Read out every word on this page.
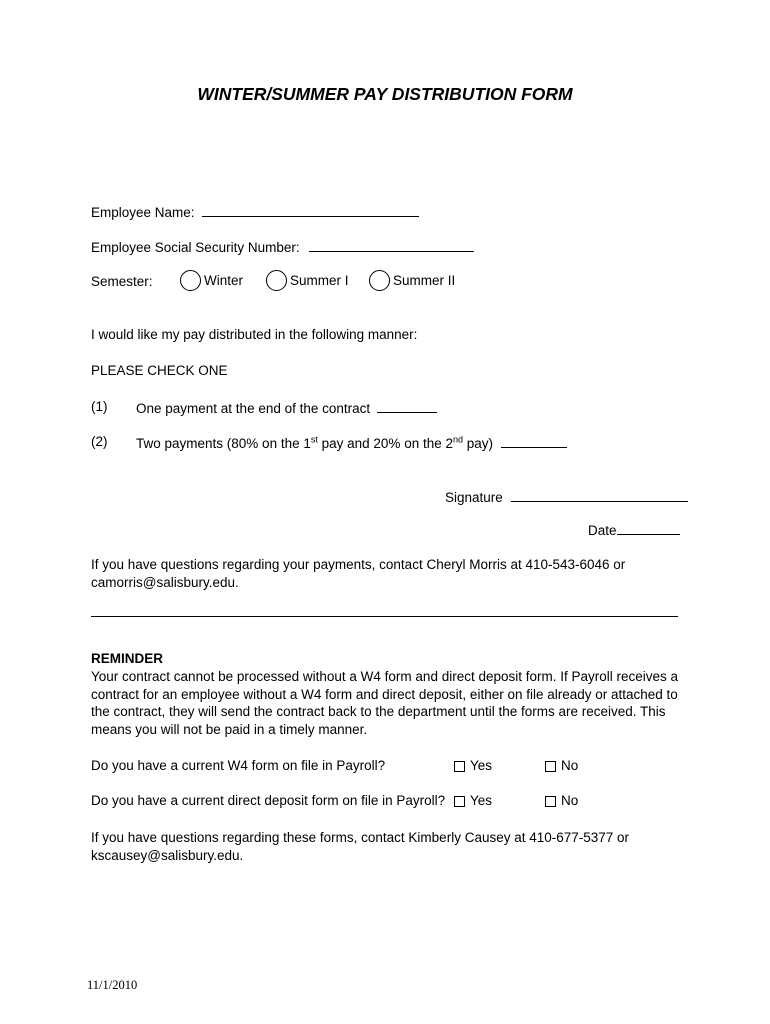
WINTER/SUMMER PAY DISTRIBUTION FORM
Employee Name:
Employee Social Security Number:
Semester:	Winter	Summer I	Summer II
I would like my pay distributed in the following manner:
PLEASE CHECK ONE
(1) One payment at the end of the contract
(2) Two payments (80% on the 1st pay and 20% on the 2nd pay)
Signature
Date
If you have questions regarding your payments, contact Cheryl Morris at 410-543-6046 or camorris@salisbury.edu.
REMINDER
Your contract cannot be processed without a W4 form and direct deposit form. If Payroll receives a contract for an employee without a W4 form and direct deposit, either on file already or attached to the contract, they will send the contract back to the department until the forms are received. This means you will not be paid in a timely manner.
Do you have a current W4 form on file in Payroll?	Yes	No
Do you have a current direct deposit form on file in Payroll?	Yes	No
If you have questions regarding these forms, contact Kimberly Causey at 410-677-5377 or kscausey@salisbury.edu.
11/1/2010
